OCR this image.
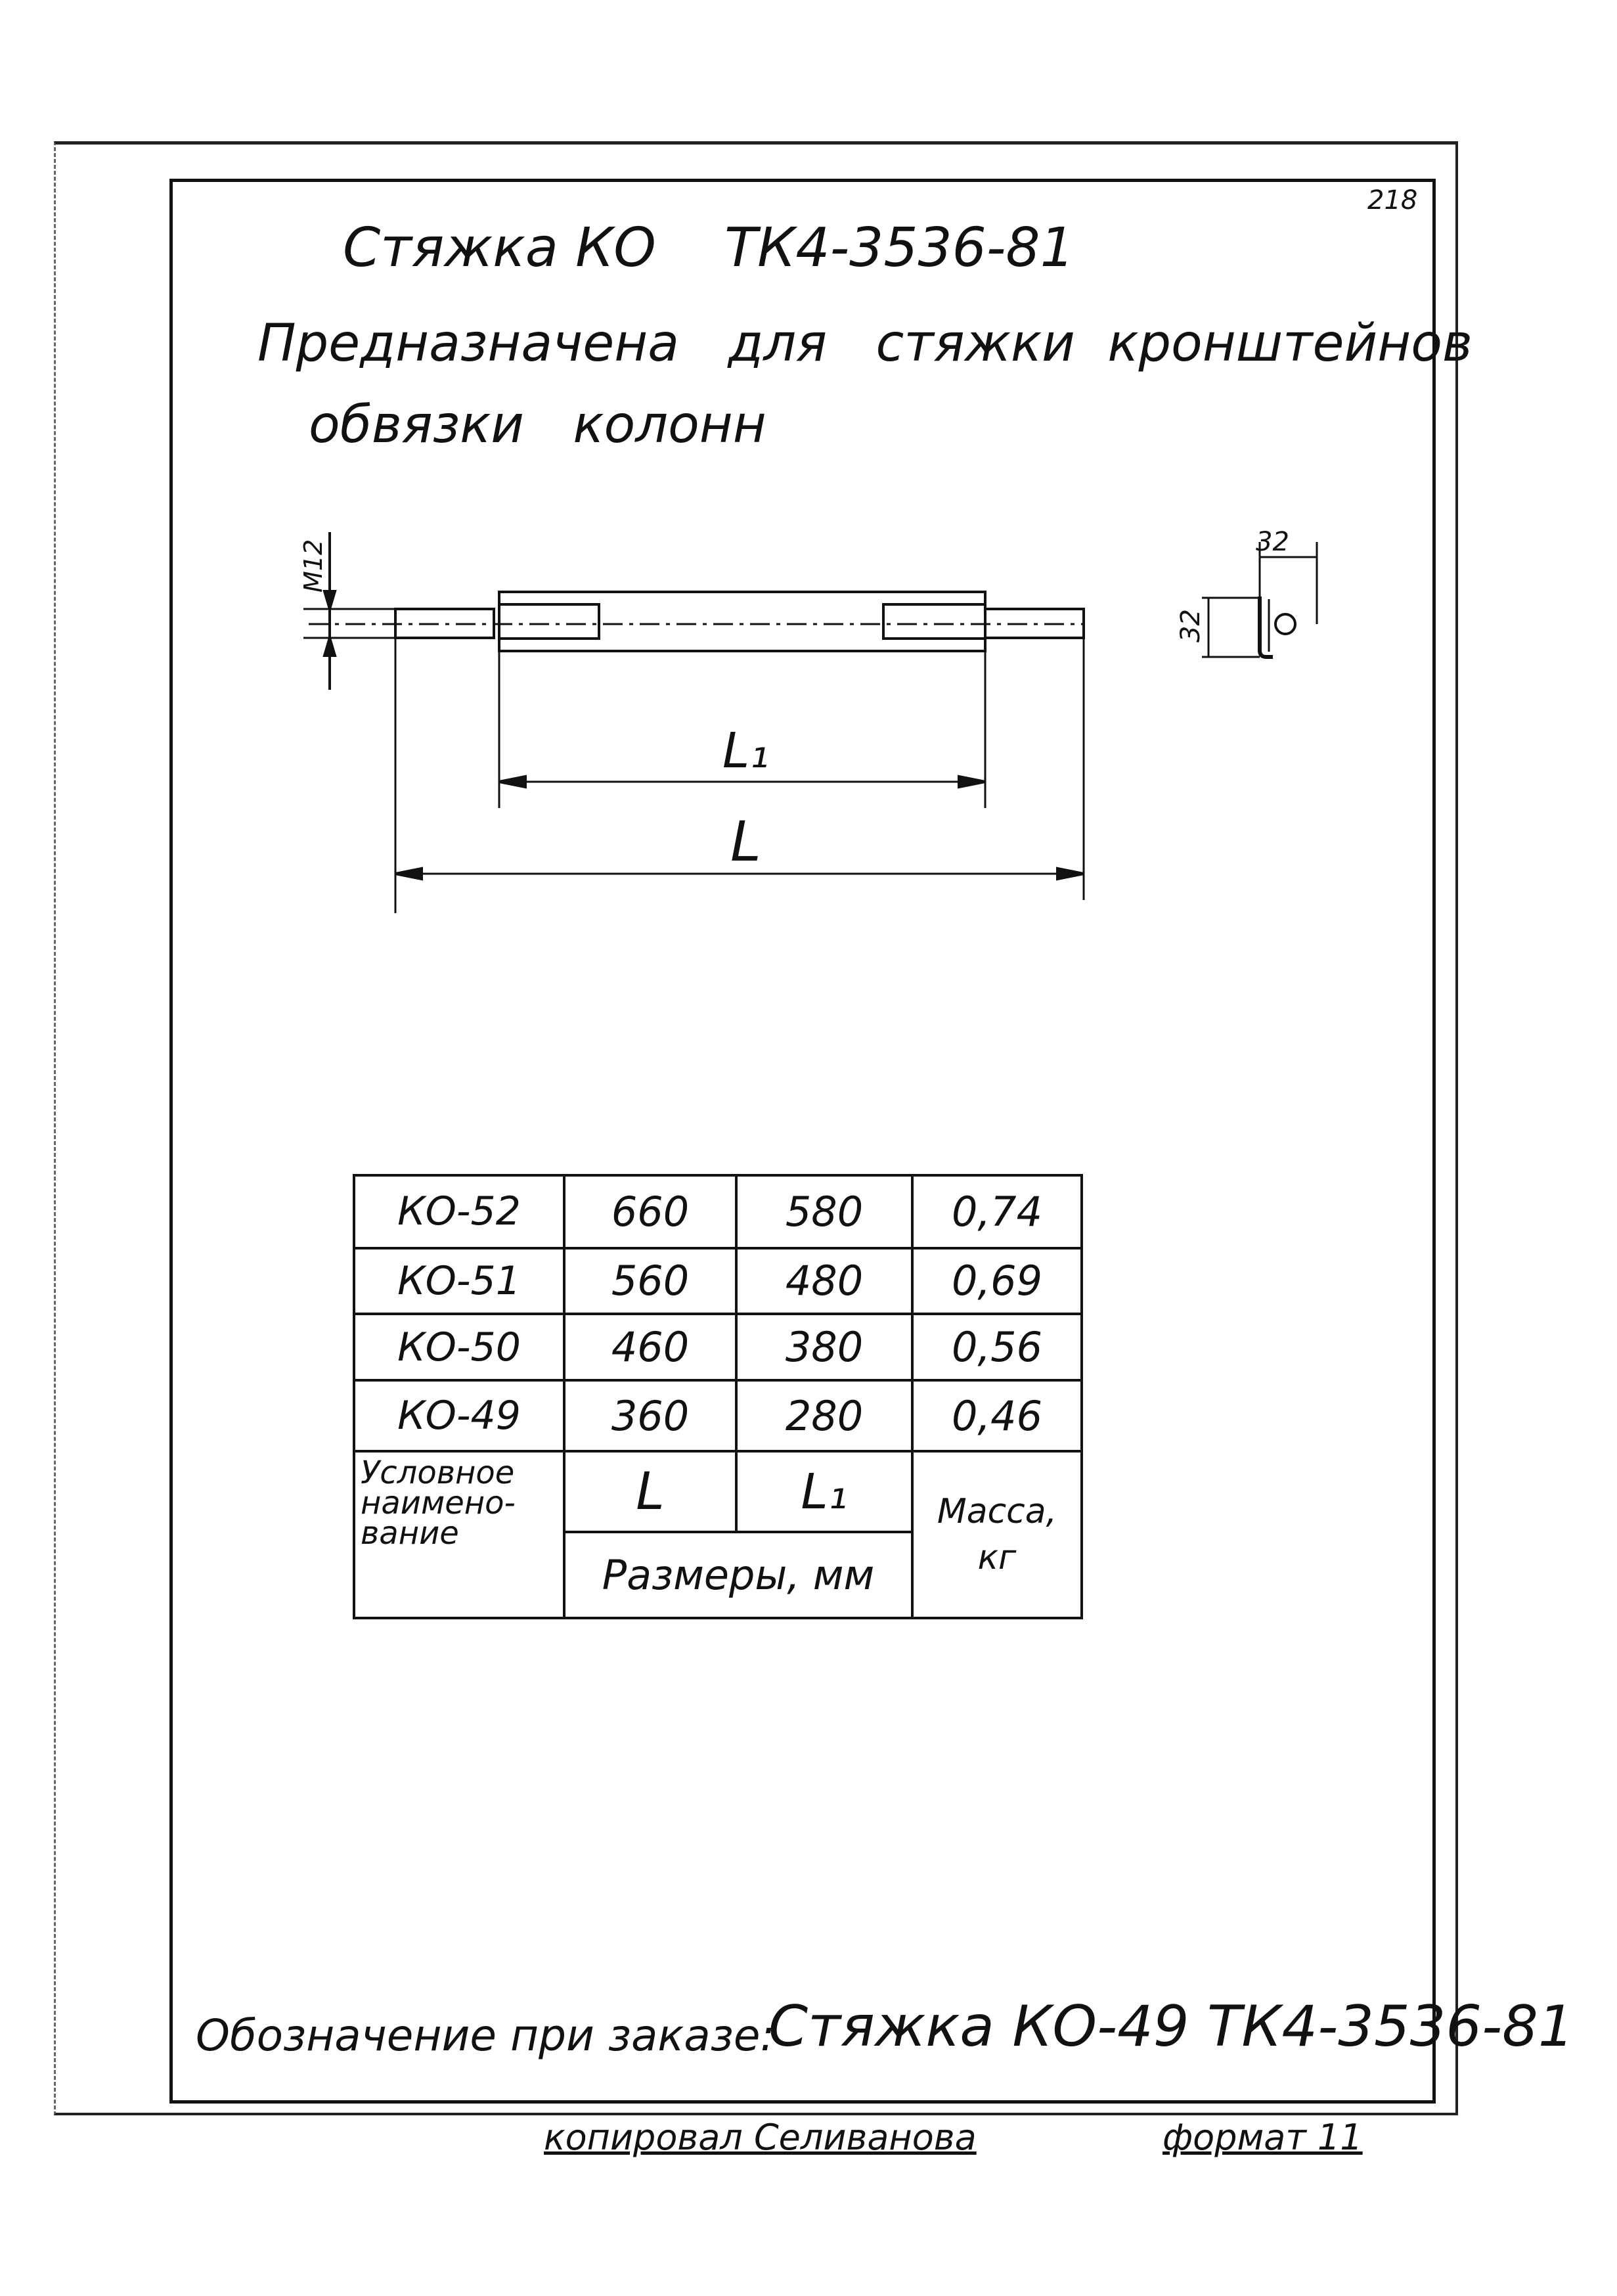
218
Стяжка КО    ТК4-3536-81
Предназначена   для   стяжки  кронштейнов
обвязки   колонн
M12
L₁
L
32
32
КО-52	660	580	0,74
КО-51	560	480	0,69
КО-50	460	380	0,56
КО-49	360	280	0,46
Условное наимено- вание	L	L₁	Масса, кг
	Размеры, мм		
Обозначение при заказе:
Стяжка КО-49 ТК4-3536-81
копировал Селиванова	формат 11
